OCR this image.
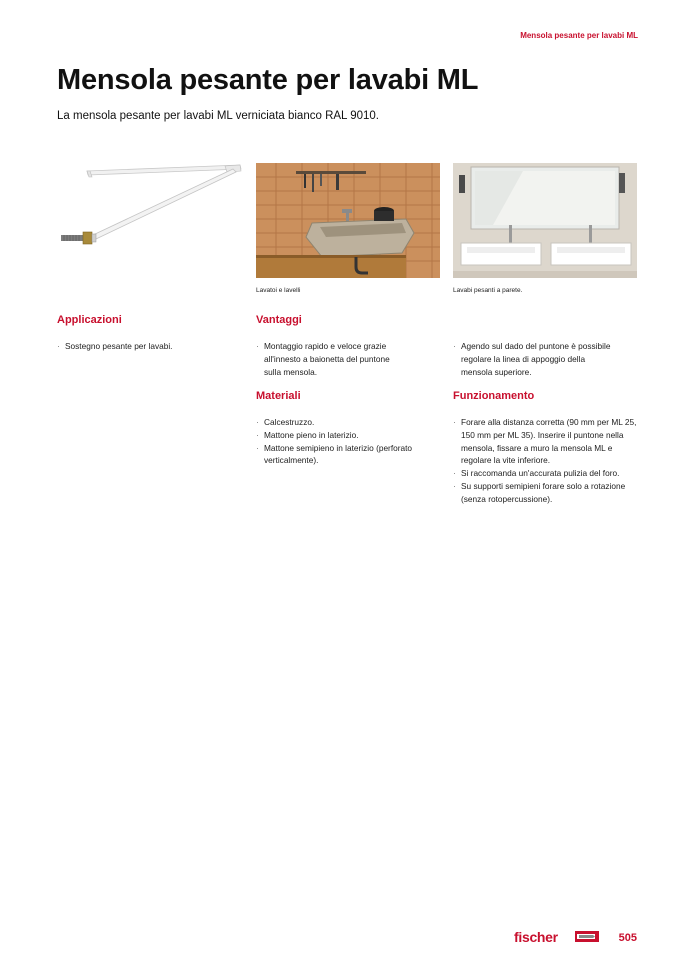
Mensola pesante per lavabi ML
Mensola pesante per lavabi ML

La mensola pesante per lavabi ML verniciata bianco RAL 9010.

Lavatoi e lavelli	Lavabi pesanti a parete.
Applicazioni
· Sostegno pesante per lavabi.
Vantaggi
· Montaggio rapido e veloce grazie all'innesto a baionetta del puntone sulla mensola.
· Agendo sul dado del puntone è possibile regolare la linea di appoggio della mensola superiore.
Materiali
· Calcestruzzo.
· Mattone pieno in laterizio.
· Mattone semipieno in laterizio (perforato verticalmente).
Funzionamento
· Forare alla distanza corretta (90 mm per ML 25, 150 mm per ML 35). Inserire il puntone nella mensola, fissare a muro la mensola ML e regolare la vite inferiore.
· Si raccomanda un'accurata pulizia del foro.
· Su supporti semipieni forare solo a rotazione (senza rotopercussione).
fischer	505
